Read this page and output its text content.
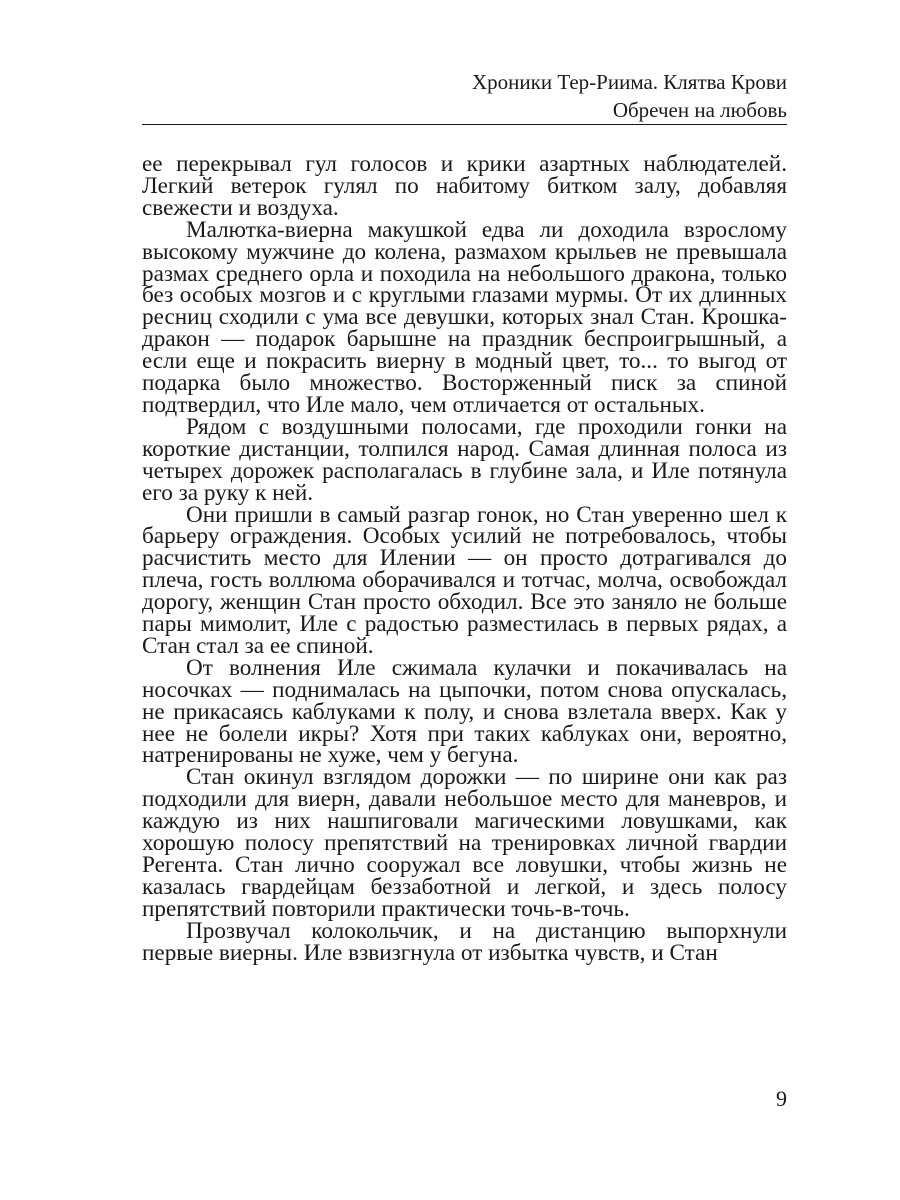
Хроники Тер-Риима. Клятва Крови
Обречен на любовь

ее перекрывал гул голосов и крики азартных наблюдателей. Легкий ветерок гулял по набитому битком залу, добавляя свежести и воздуха.

Малютка-виерна макушкой едва ли доходила взрослому высокому мужчине до колена, размахом крыльев не превышала размах среднего орла и походила на небольшого дракона, только без особых мозгов и с круглыми глазами мурмы. От их длинных ресниц сходили с ума все девушки, которых знал Стан. Крошка-дракон — подарок барышне на праздник беспроигрышный, а если еще и покрасить виерну в модный цвет, то... то выгод от подарка было множество. Восторженный писк за спиной подтвердил, что Иле мало, чем отличается от остальных.

Рядом с воздушными полосами, где проходили гонки на короткие дистанции, толпился народ. Самая длинная полоса из четырех дорожек располагалась в глубине зала, и Иле потянула его за руку к ней.

Они пришли в самый разгар гонок, но Стан уверенно шел к барьеру ограждения. Особых усилий не потребовалось, чтобы расчистить место для Илении — он просто дотрагивался до плеча, гость воллюма оборачивался и тотчас, молча, освобождал дорогу, женщин Стан просто обходил. Все это заняло не больше пары мимолит, Иле с радостью разместилась в первых рядах, а Стан стал за ее спиной.

От волнения Иле сжимала кулачки и покачивалась на носочках — поднималась на цыпочки, потом снова опускалась, не прикасаясь каблуками к полу, и снова взлетала вверх. Как у нее не болели икры? Хотя при таких каблуках они, вероятно, натренированы не хуже, чем у бегуна.

Стан окинул взглядом дорожки — по ширине они как раз подходили для виерн, давали небольшое место для маневров, и каждую из них нашпиговали магическими ловушками, как хорошую полосу препятствий на тренировках личной гвардии Регента. Стан лично сооружал все ловушки, чтобы жизнь не казалась гвардейцам беззаботной и легкой, и здесь полосу препятствий повторили практически точь-в-точь.

Прозвучал колокольчик, и на дистанцию выпорхнули первые виерны. Иле взвизгнула от избытка чувств, и Стан

9
